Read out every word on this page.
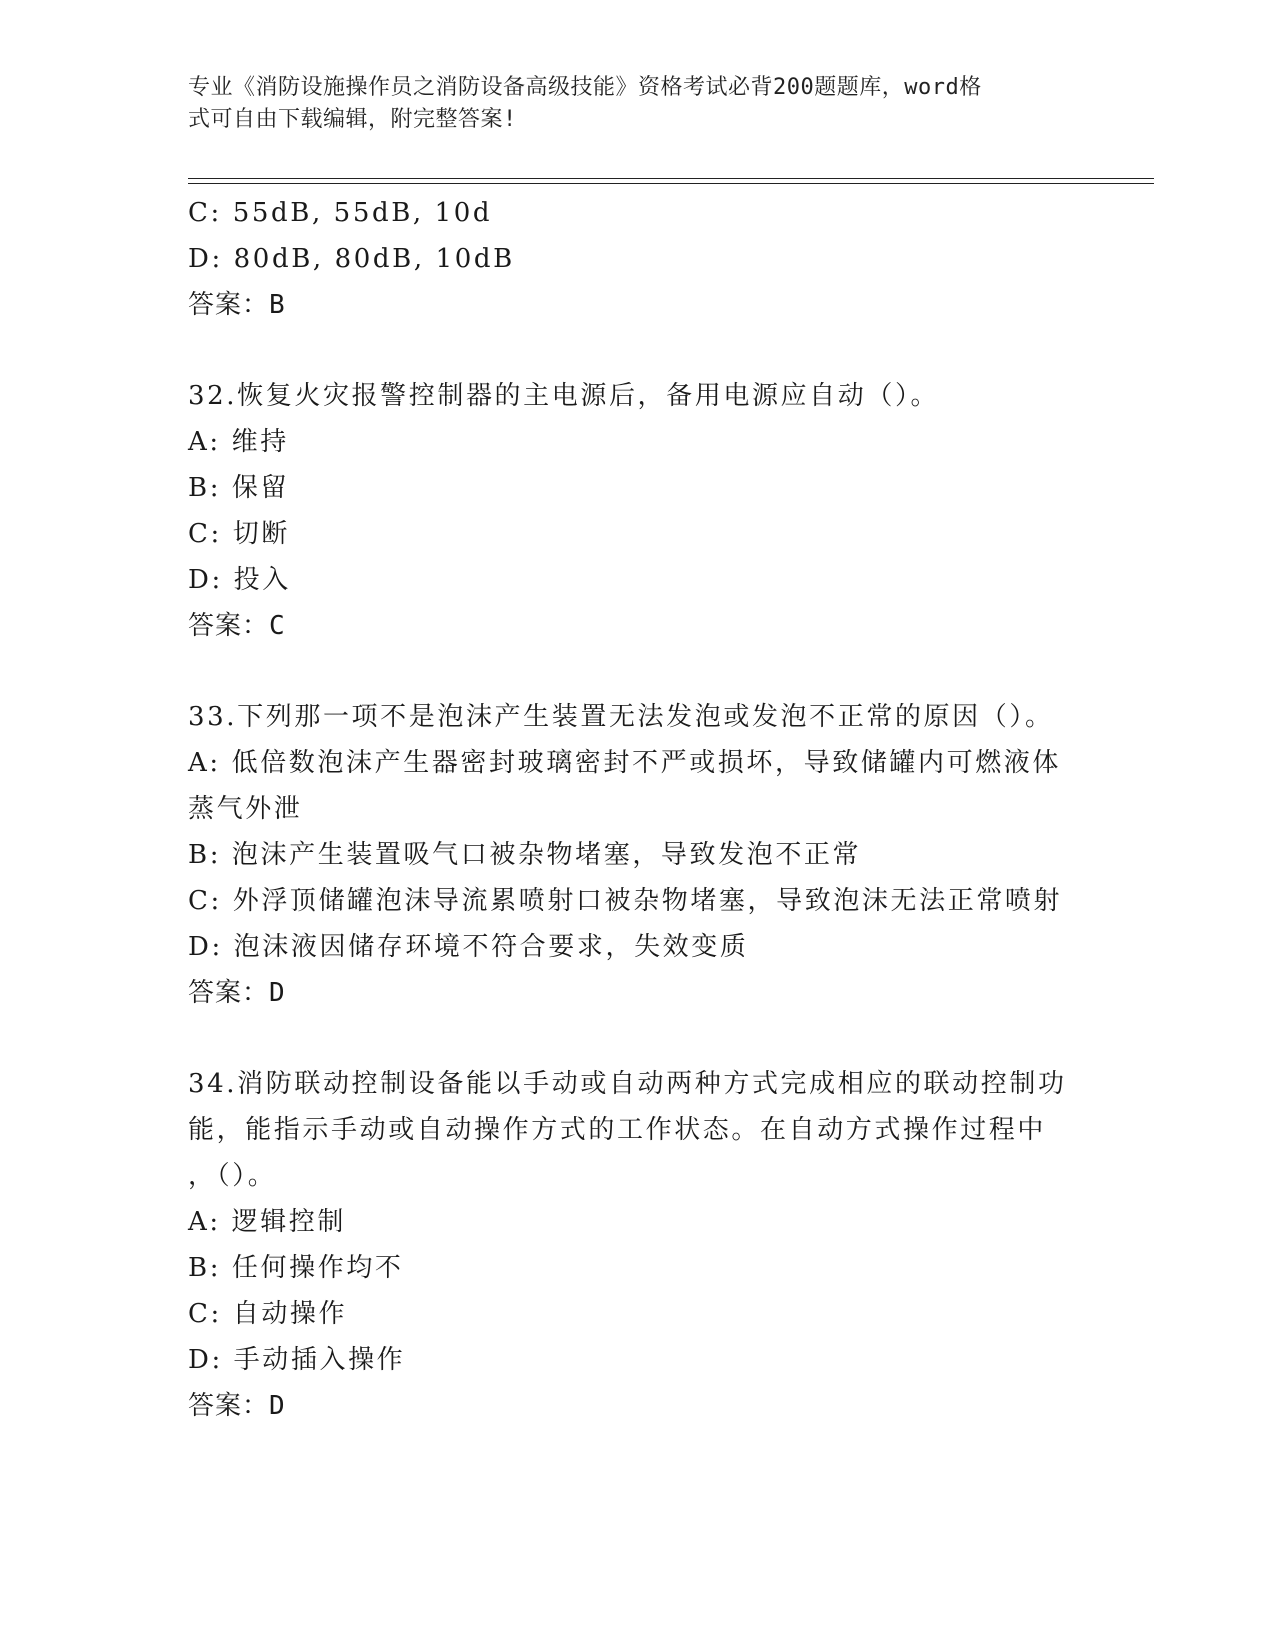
专业《消防设施操作员之消防设备高级技能》资格考试必背200题题库，word格
式可自由下载编辑，附完整答案!
C: 55dB, 55dB, 10d
D: 80dB, 80dB, 10dB
答案：B
32.恢复火灾报警控制器的主电源后，备用电源应自动（）。
A: 维持
B: 保留
C: 切断
D: 投入
答案：C
33.下列那一项不是泡沫产生装置无法发泡或发泡不正常的原因（）。
A: 低倍数泡沫产生器密封玻璃密封不严或损坏，导致储罐内可燃液体
蒸气外泄
B: 泡沫产生装置吸气口被杂物堵塞，导致发泡不正常
C: 外浮顶储罐泡沫导流累喷射口被杂物堵塞，导致泡沫无法正常喷射
D: 泡沫液因储存环境不符合要求，失效变质
答案：D
34.消防联动控制设备能以手动或自动两种方式完成相应的联动控制功
能，能指示手动或自动操作方式的工作状态。在自动方式操作过程中
，（）。
A: 逻辑控制
B: 任何操作均不
C: 自动操作
D: 手动插入操作
答案：D
